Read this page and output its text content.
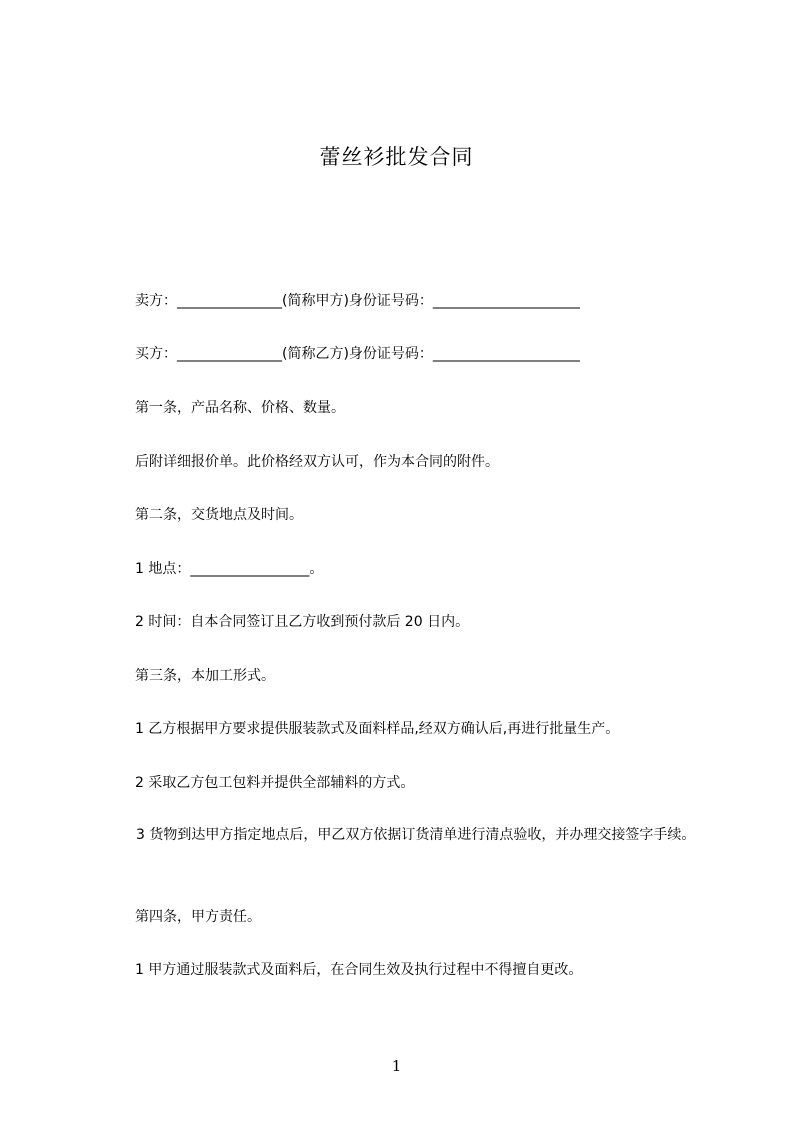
蕾丝衫批发合同
卖方：_______________(简称甲方)身份证号码：_____________________
买方：_______________(简称乙方)身份证号码：_____________________
第一条，产品名称、价格、数量。
后附详细报价单。此价格经双方认可，作为本合同的附件。
第二条，交货地点及时间。
1 地点：_________________。
2 时间：自本合同签订且乙方收到预付款后 20 日内。
第三条，本加工形式。
1 乙方根据甲方要求提供服装款式及面料样品,经双方确认后,再进行批量生产。
2 采取乙方包工包料并提供全部辅料的方式。
3 货物到达甲方指定地点后，甲乙双方依据订货清单进行清点验收，并办理交接签字手续。
第四条，甲方责任。
1 甲方通过服装款式及面料后，在合同生效及执行过程中不得擅自更改。
1
